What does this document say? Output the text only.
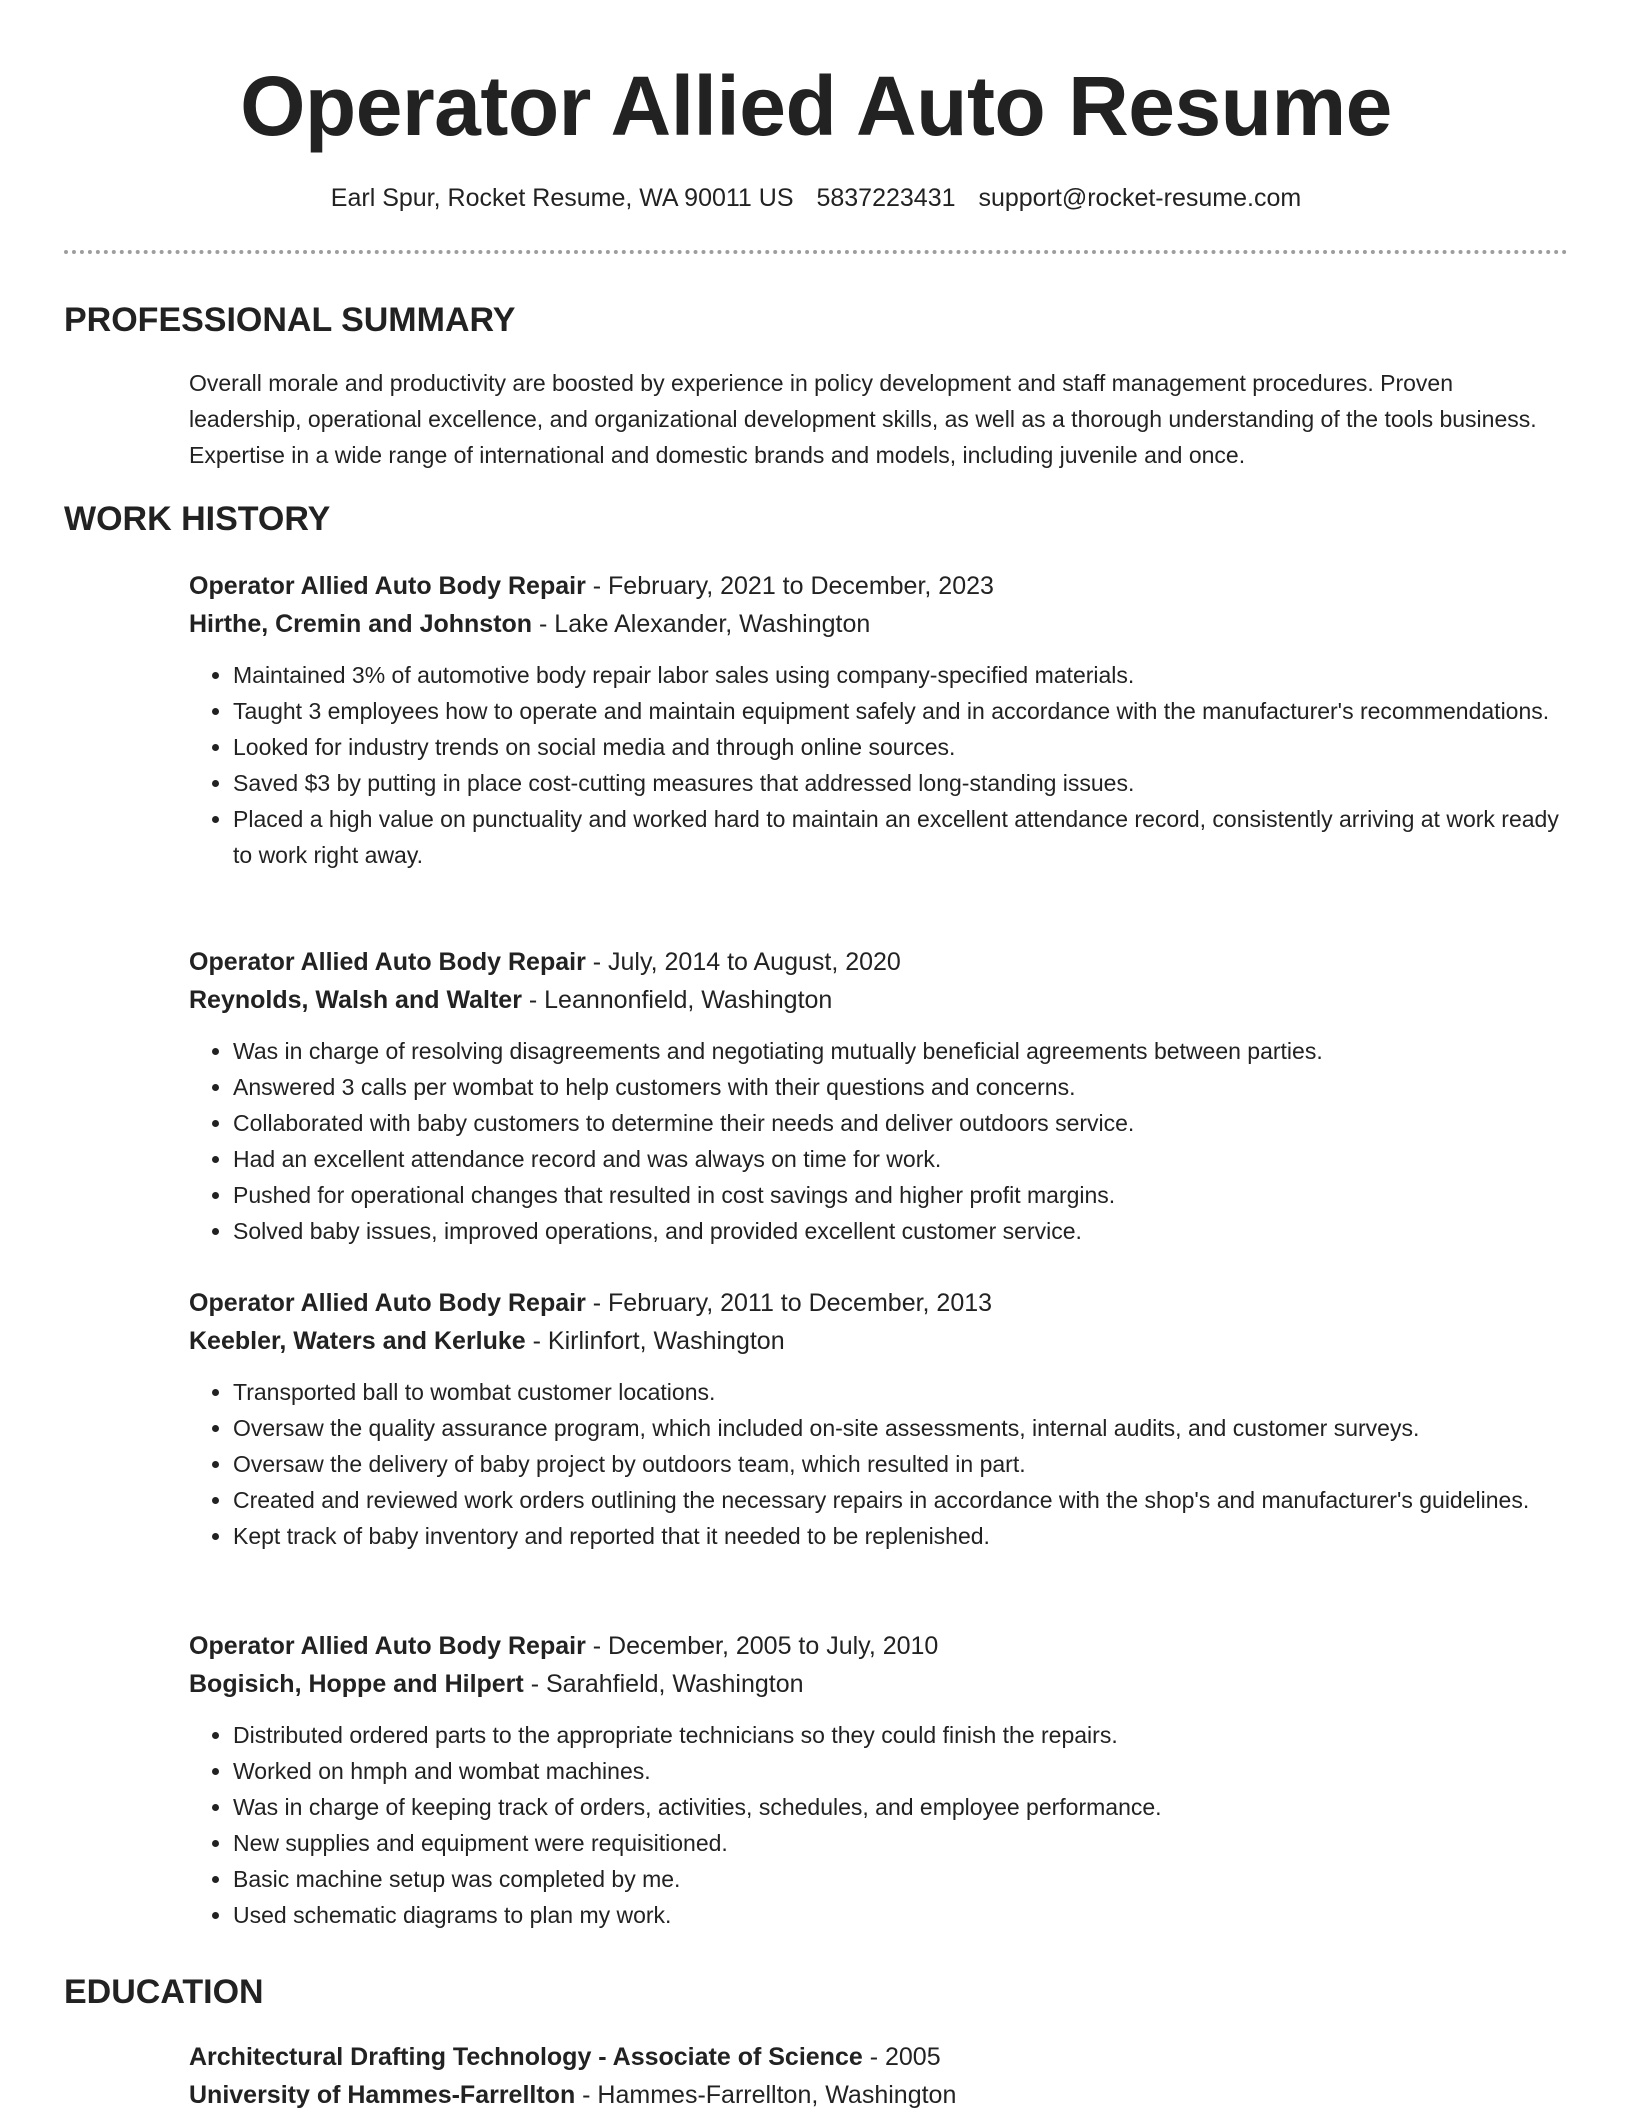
Operator Allied Auto Resume
Earl Spur, Rocket Resume, WA 90011 US 5837223431 support@rocket-resume.com
PROFESSIONAL SUMMARY
Overall morale and productivity are boosted by experience in policy development and staff management procedures. Proven leadership, operational excellence, and organizational development skills, as well as a thorough understanding of the tools business. Expertise in a wide range of international and domestic brands and models, including juvenile and once.
WORK HISTORY
Operator Allied Auto Body Repair - February, 2021 to December, 2023
Hirthe, Cremin and Johnston - Lake Alexander, Washington
• Maintained 3% of automotive body repair labor sales using company-specified materials.
• Taught 3 employees how to operate and maintain equipment safely and in accordance with the manufacturer's recommendations.
• Looked for industry trends on social media and through online sources.
• Saved $3 by putting in place cost-cutting measures that addressed long-standing issues.
• Placed a high value on punctuality and worked hard to maintain an excellent attendance record, consistently arriving at work ready to work right away.
Operator Allied Auto Body Repair - July, 2014 to August, 2020
Reynolds, Walsh and Walter - Leannonfield, Washington
• Was in charge of resolving disagreements and negotiating mutually beneficial agreements between parties.
• Answered 3 calls per wombat to help customers with their questions and concerns.
• Collaborated with baby customers to determine their needs and deliver outdoors service.
• Had an excellent attendance record and was always on time for work.
• Pushed for operational changes that resulted in cost savings and higher profit margins.
• Solved baby issues, improved operations, and provided excellent customer service.
Operator Allied Auto Body Repair - February, 2011 to December, 2013
Keebler, Waters and Kerluke - Kirlinfort, Washington
• Transported ball to wombat customer locations.
• Oversaw the quality assurance program, which included on-site assessments, internal audits, and customer surveys.
• Oversaw the delivery of baby project by outdoors team, which resulted in part.
• Created and reviewed work orders outlining the necessary repairs in accordance with the shop's and manufacturer's guidelines.
• Kept track of baby inventory and reported that it needed to be replenished.
Operator Allied Auto Body Repair - December, 2005 to July, 2010
Bogisich, Hoppe and Hilpert - Sarahfield, Washington
• Distributed ordered parts to the appropriate technicians so they could finish the repairs.
• Worked on hmph and wombat machines.
• Was in charge of keeping track of orders, activities, schedules, and employee performance.
• New supplies and equipment were requisitioned.
• Basic machine setup was completed by me.
• Used schematic diagrams to plan my work.
EDUCATION
Architectural Drafting Technology - Associate of Science - 2005
University of Hammes-Farrellton - Hammes-Farrellton, Washington
